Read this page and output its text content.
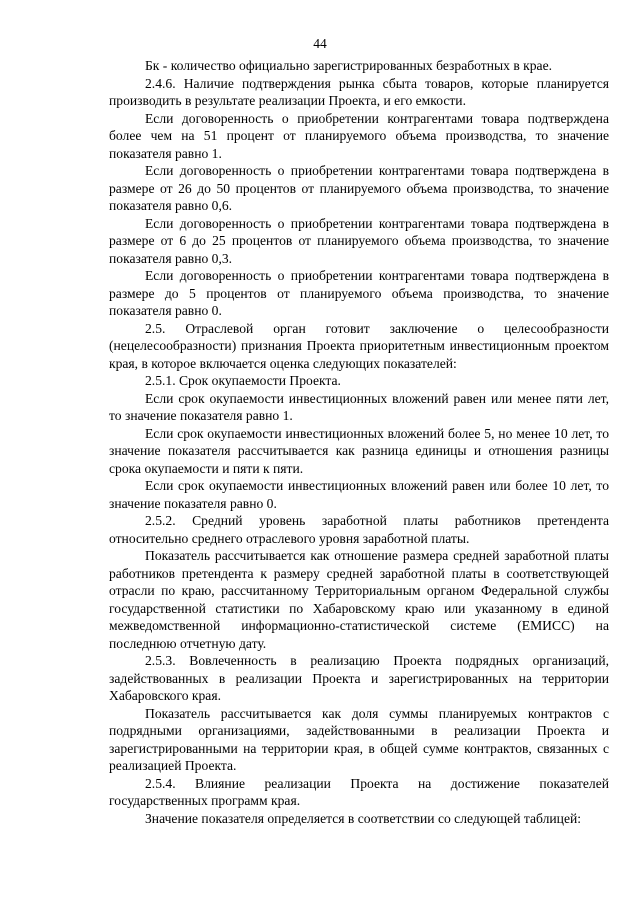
44

Бк - количество официально зарегистрированных безработных в крае.

2.4.6. Наличие подтверждения рынка сбыта товаров, которые планируется производить в результате реализации Проекта, и его емкости.

Если договоренность о приобретении контрагентами товара подтверждена более чем на 51 процент от планируемого объема производства, то значение показателя равно 1.

Если договоренность о приобретении контрагентами товара подтверждена в размере от 26 до 50 процентов от планируемого объема производства, то значение показателя равно 0,6.

Если договоренность о приобретении контрагентами товара подтверждена в размере от 6 до 25 процентов от планируемого объема производства, то значение показателя равно 0,3.

Если договоренность о приобретении контрагентами товара подтверждена в размере до 5 процентов от планируемого объема производства, то значение показателя равно 0.

2.5. Отраслевой орган готовит заключение о целесообразности (нецелесообразности) признания Проекта приоритетным инвестиционным проектом края, в которое включается оценка следующих показателей:

2.5.1. Срок окупаемости Проекта.

Если срок окупаемости инвестиционных вложений равен или менее пяти лет, то значение показателя равно 1.

Если срок окупаемости инвестиционных вложений более 5, но менее 10 лет, то значение показателя рассчитывается как разница единицы и отношения разницы срока окупаемости и пяти к пяти.

Если срок окупаемости инвестиционных вложений равен или более 10 лет, то значение показателя равно 0.

2.5.2. Средний уровень заработной платы работников претендента относительно среднего отраслевого уровня заработной платы.

Показатель рассчитывается как отношение размера средней заработной платы работников претендента к размеру средней заработной платы в соответствующей отрасли по краю, рассчитанному Территориальным органом Федеральной службы государственной статистики по Хабаровскому краю или указанному в единой межведомственной информационно-статистической системе (ЕМИСС) на последнюю отчетную дату.

2.5.3. Вовлеченность в реализацию Проекта подрядных организаций, задействованных в реализации Проекта и зарегистрированных на территории Хабаровского края.

Показатель рассчитывается как доля суммы планируемых контрактов с подрядными организациями, задействованными в реализации Проекта и зарегистрированными на территории края, в общей сумме контрактов, связанных с реализацией Проекта.

2.5.4. Влияние реализации Проекта на достижение показателей государственных программ края.

Значение показателя определяется в соответствии со следующей таблицей:
